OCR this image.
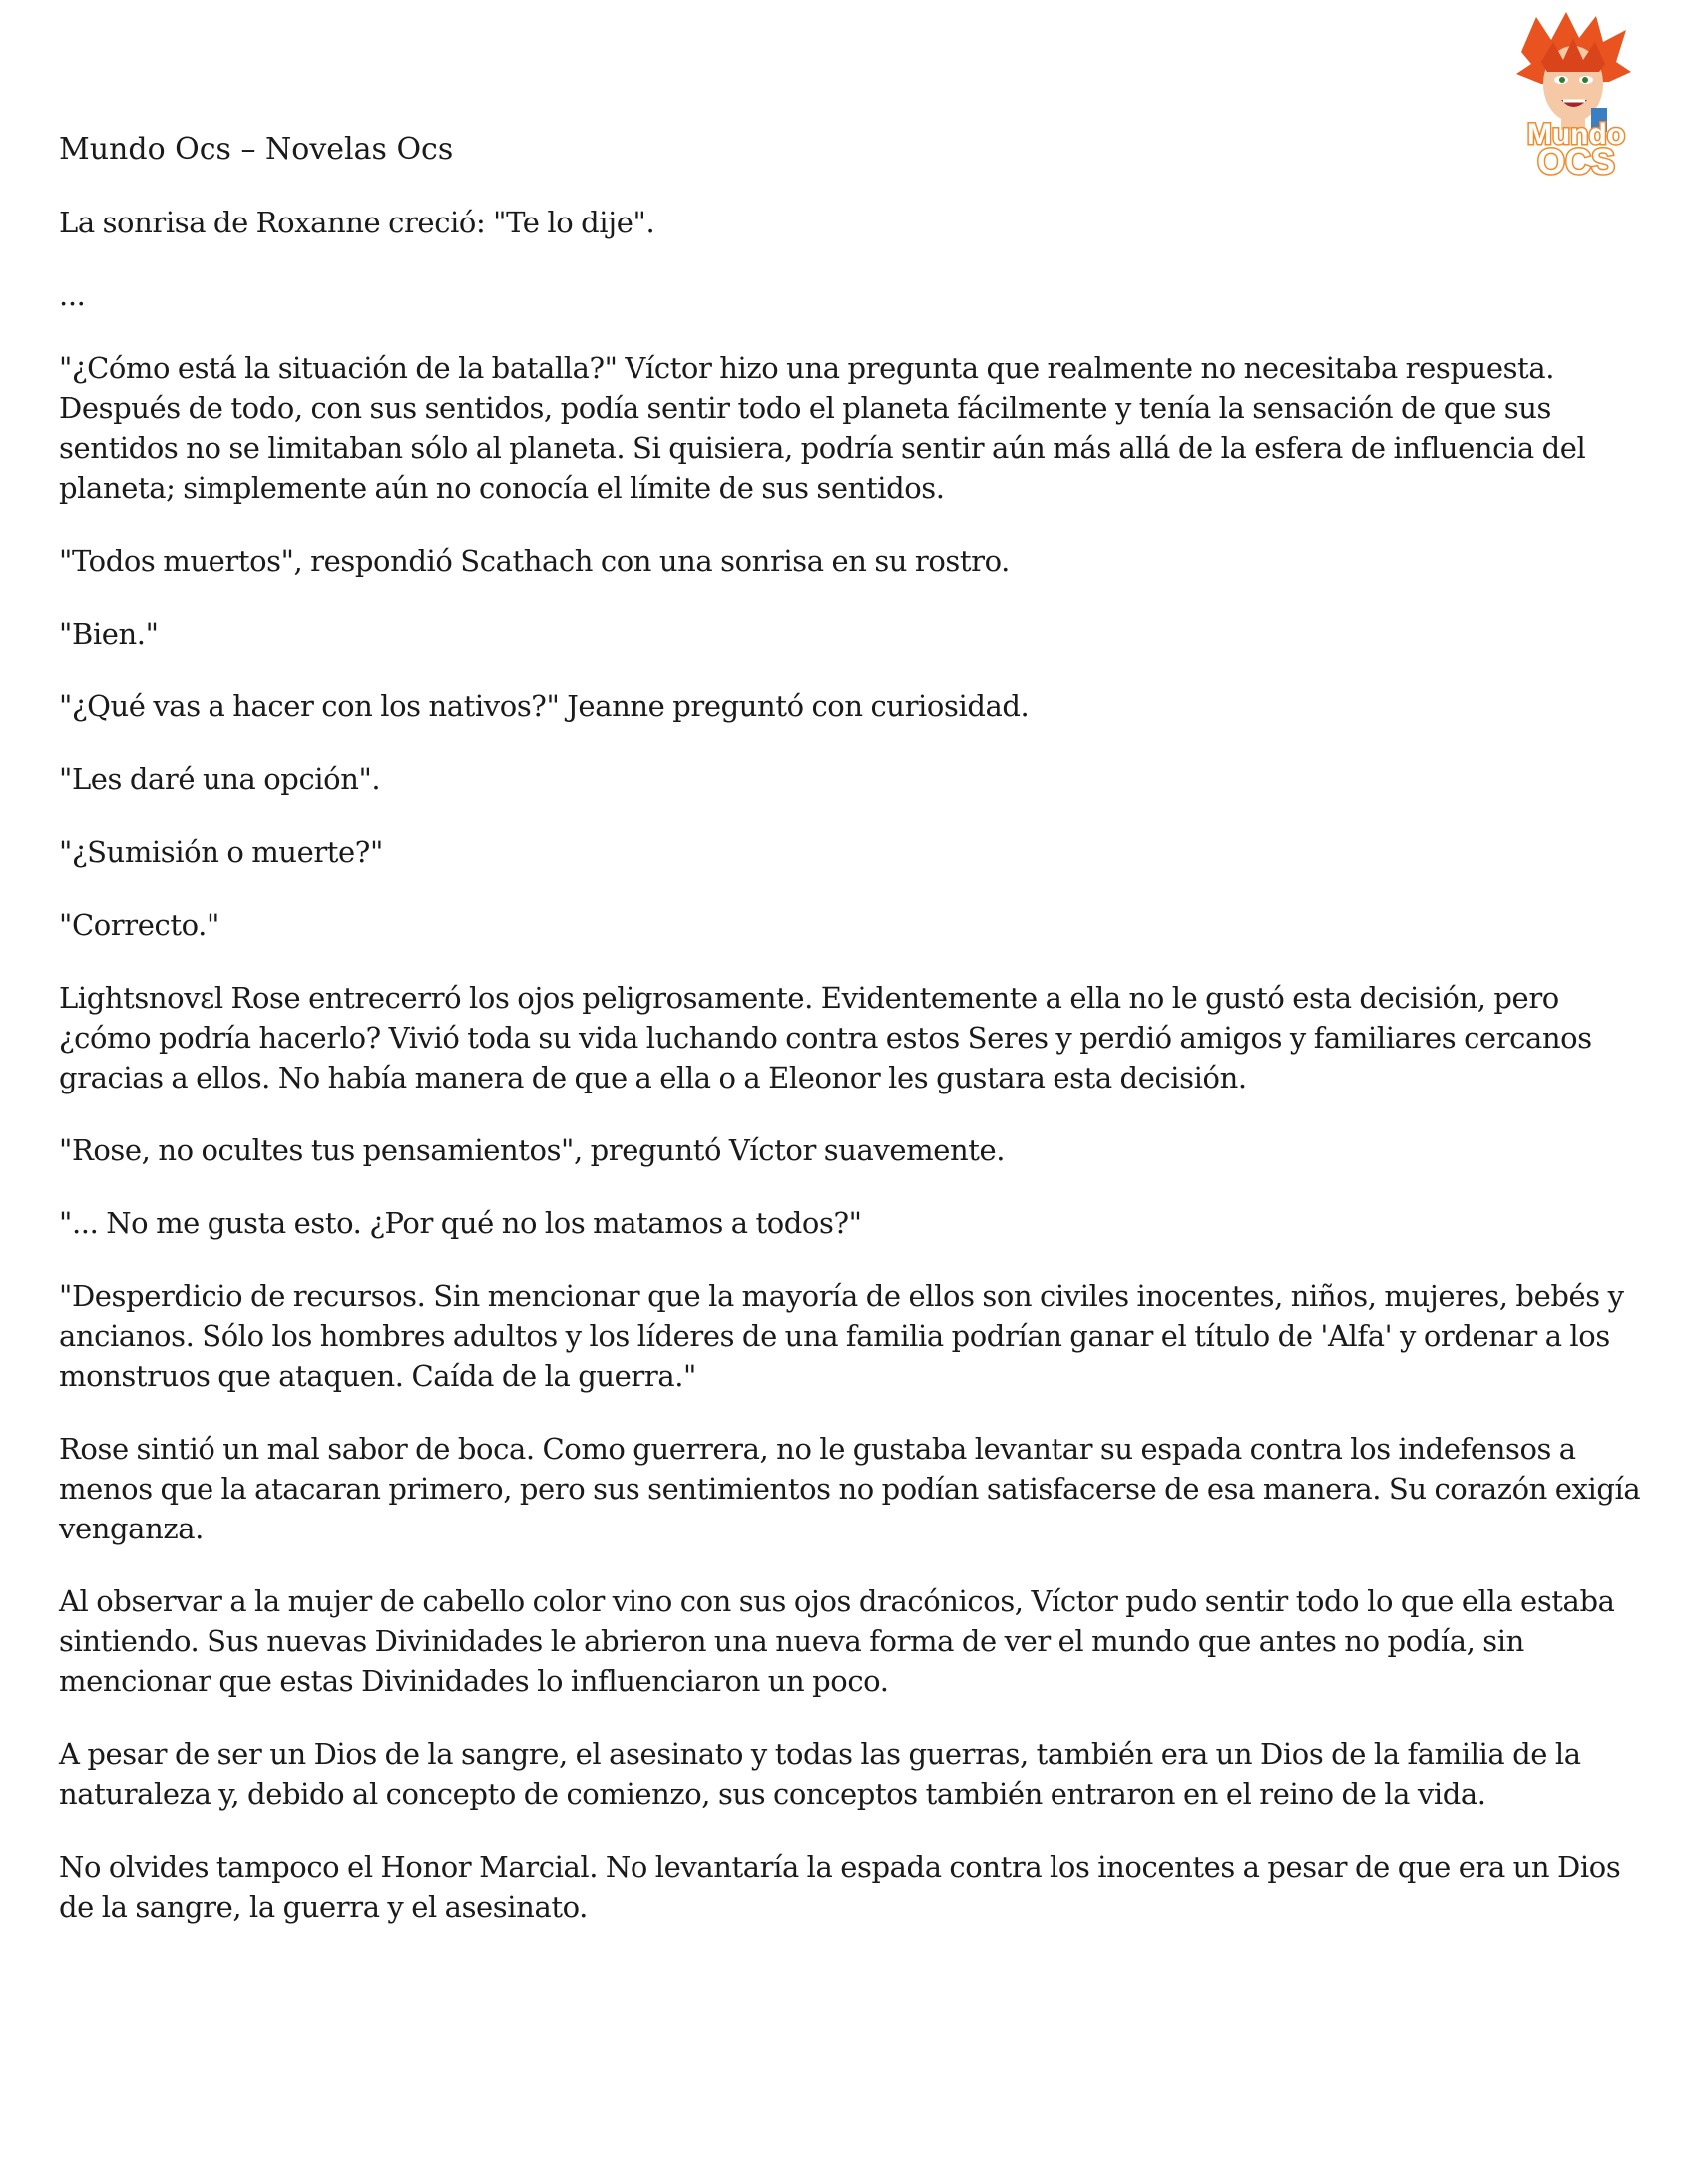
Mundo
OCS

Mundo Ocs – Novelas Ocs

La sonrisa de Roxanne creció: "Te lo dije".

...

"¿Cómo está la situación de la batalla?" Víctor hizo una pregunta que realmente no necesitaba respuesta. Después de todo, con sus sentidos, podía sentir todo el planeta fácilmente y tenía la sensación de que sus sentidos no se limitaban sólo al planeta. Si quisiera, podría sentir aún más allá de la esfera de influencia del planeta; simplemente aún no conocía el límite de sus sentidos.

"Todos muertos", respondió Scathach con una sonrisa en su rostro.

"Bien."

"¿Qué vas a hacer con los nativos?" Jeanne preguntó con curiosidad.

"Les daré una opción".

"¿Sumisión o muerte?"

"Correcto."

Lightsnovεl Rose entrecerró los ojos peligrosamente. Evidentemente a ella no le gustó esta decisión, pero ¿cómo podría hacerlo? Vivió toda su vida luchando contra estos Seres y perdió amigos y familiares cercanos gracias a ellos. No había manera de que a ella o a Eleonor les gustara esta decisión.

"Rose, no ocultes tus pensamientos", preguntó Víctor suavemente.

"... No me gusta esto. ¿Por qué no los matamos a todos?"

"Desperdicio de recursos. Sin mencionar que la mayoría de ellos son civiles inocentes, niños, mujeres, bebés y ancianos. Sólo los hombres adultos y los líderes de una familia podrían ganar el título de 'Alfa' y ordenar a los monstruos que ataquen. Caída de la guerra."

Rose sintió un mal sabor de boca. Como guerrera, no le gustaba levantar su espada contra los indefensos a menos que la atacaran primero, pero sus sentimientos no podían satisfacerse de esa manera. Su corazón exigía venganza.

Al observar a la mujer de cabello color vino con sus ojos dracónicos, Víctor pudo sentir todo lo que ella estaba sintiendo. Sus nuevas Divinidades le abrieron una nueva forma de ver el mundo que antes no podía, sin mencionar que estas Divinidades lo influenciaron un poco.

A pesar de ser un Dios de la sangre, el asesinato y todas las guerras, también era un Dios de la familia de la naturaleza y, debido al concepto de comienzo, sus conceptos también entraron en el reino de la vida.

No olvides tampoco el Honor Marcial. No levantaría la espada contra los inocentes a pesar de que era un Dios de la sangre, la guerra y el asesinato.
